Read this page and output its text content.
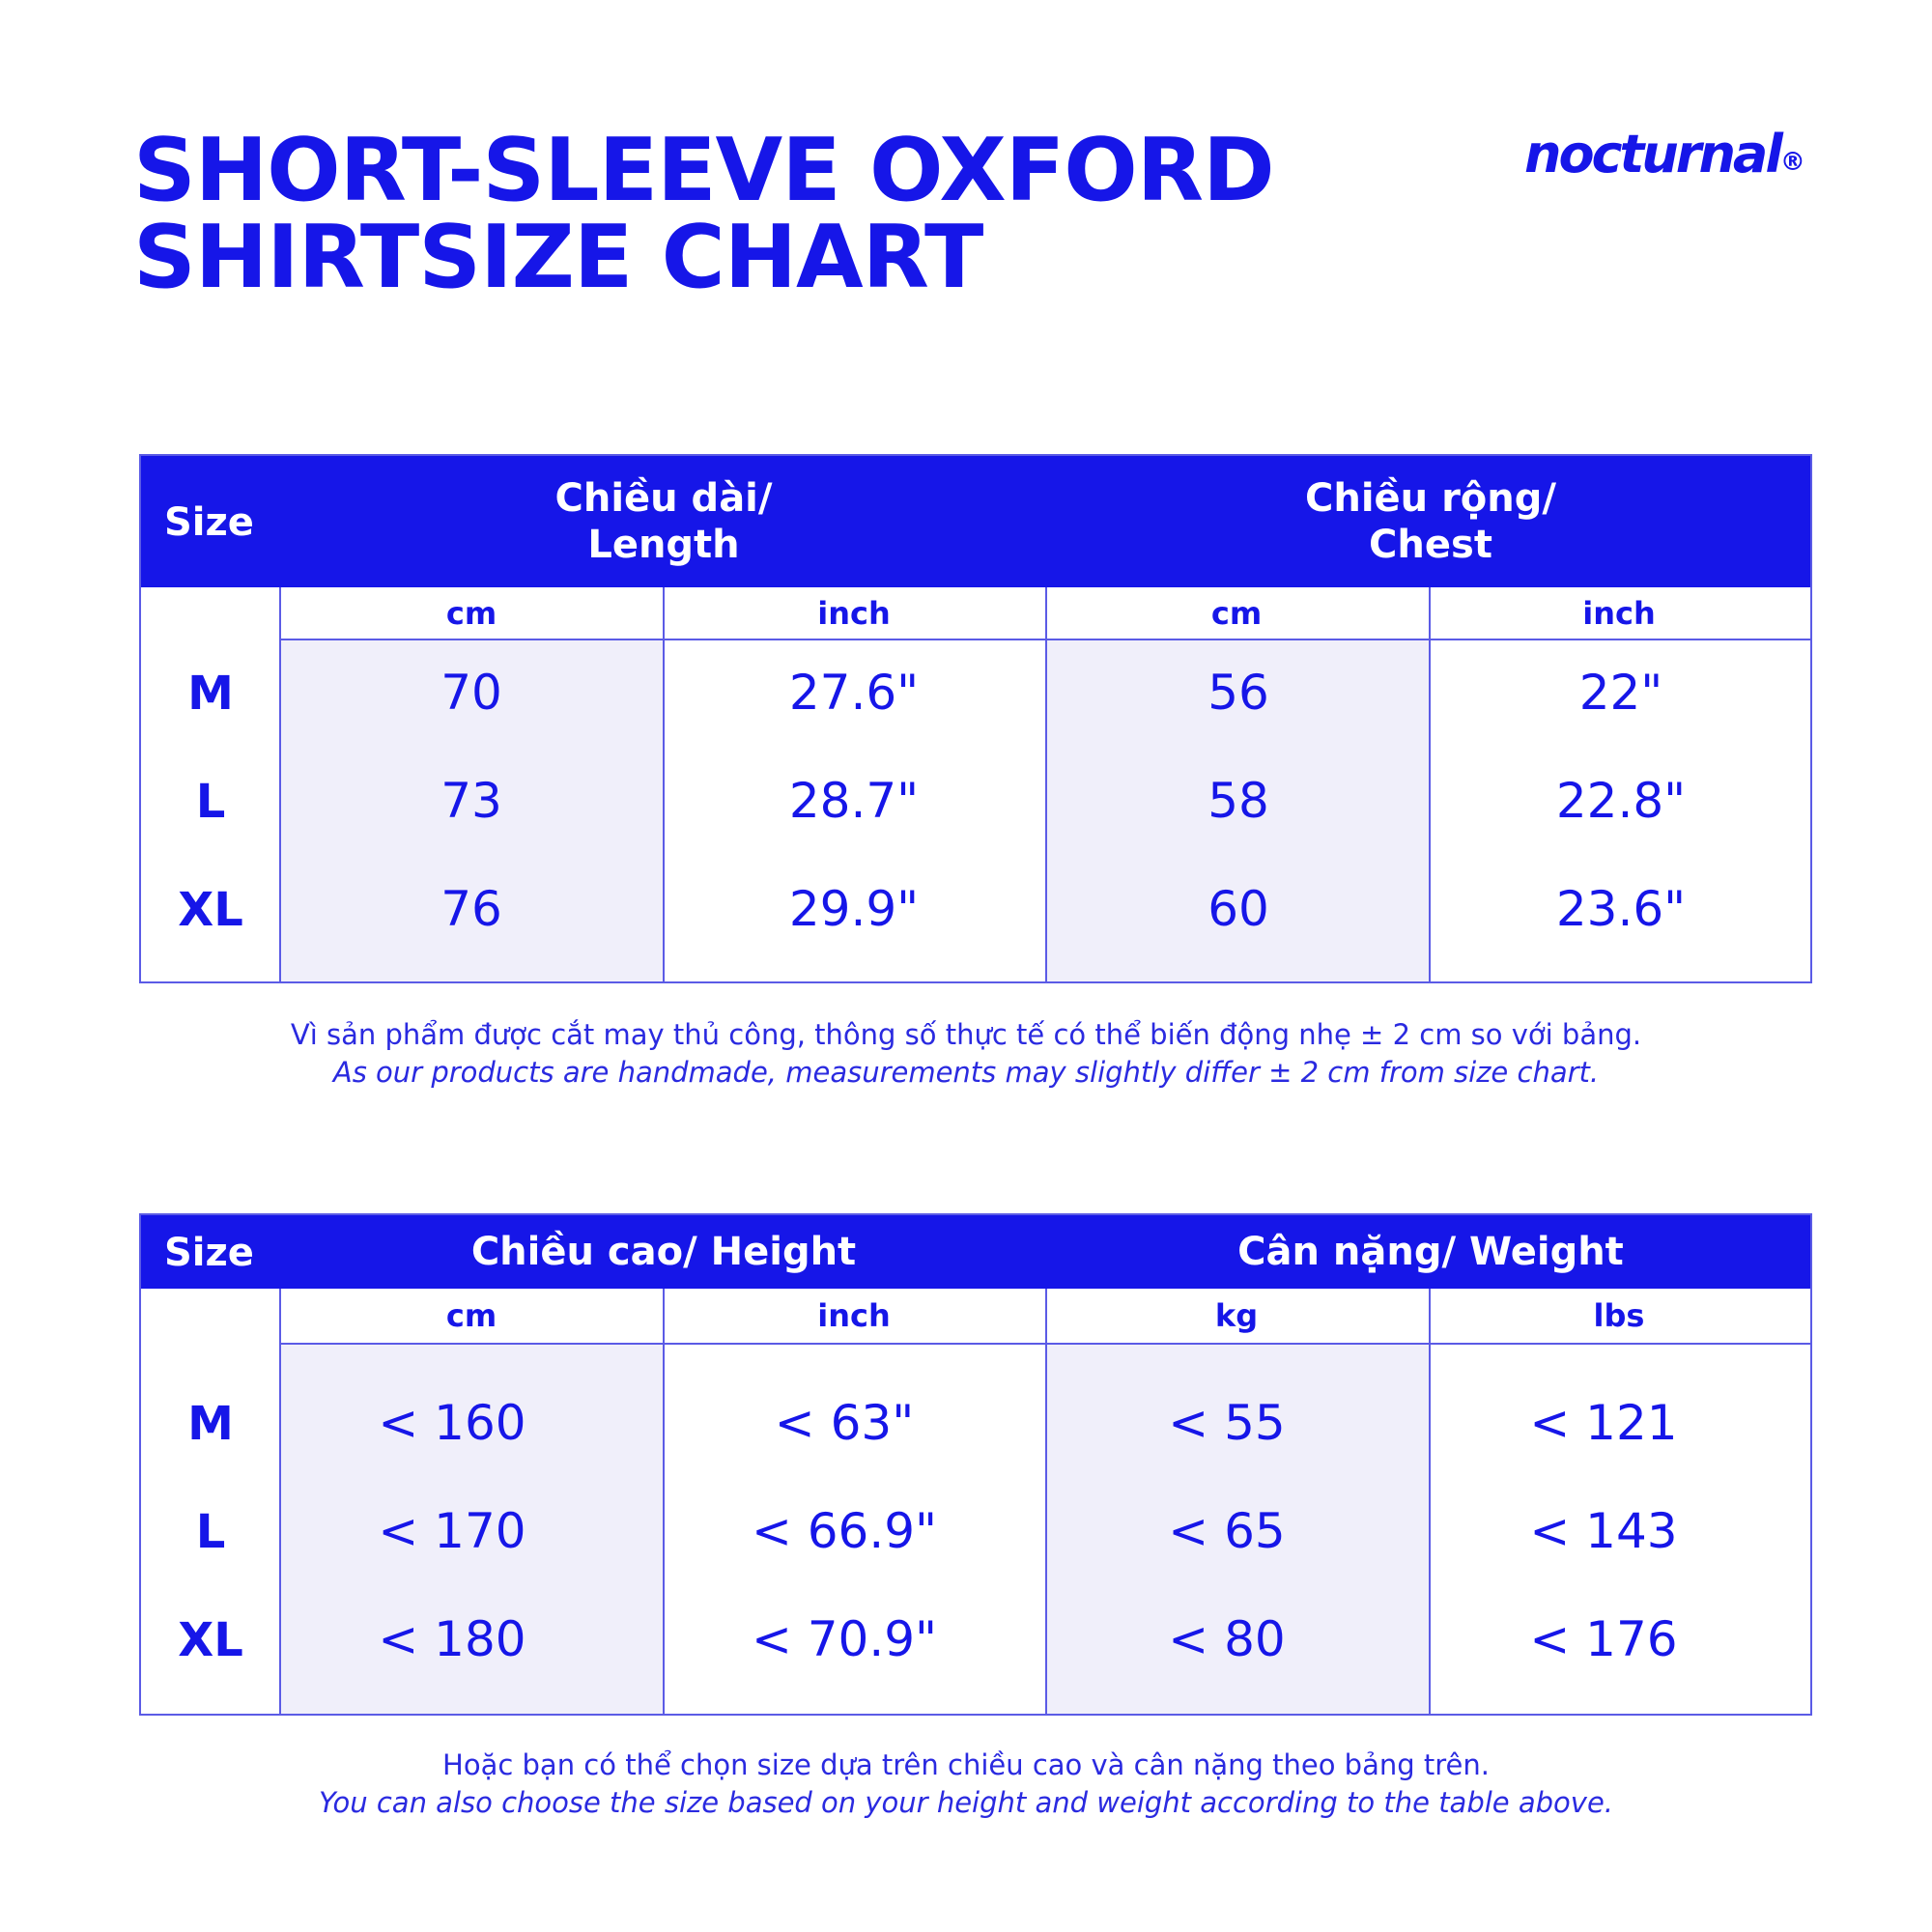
SHORT-SLEEVE OXFORD
SHIRTSIZE CHART
nocturnal®
Size
Chiều dài/
Length
Chiều rộng/
Chest
cm	inch	cm	inch
M	70	27.6"	56	22"
L	73	28.7"	58	22.8"
XL	76	29.9"	60	23.6"
Vì sản phẩm được cắt may thủ công, thông số thực tế có thể biến động nhẹ ± 2 cm so với bảng.
As our products are handmade, measurements may slightly differ ± 2 cm from size chart.
Size	Chiều cao/ Height	Cân nặng/ Weight
cm	inch	kg	lbs
M	< 160	< 63"	< 55	< 121
L	< 170	< 66.9"	< 65	< 143
XL	< 180	< 70.9"	< 80	< 176
Hoặc bạn có thể chọn size dựa trên chiều cao và cân nặng theo bảng trên.
You can also choose the size based on your height and weight according to the table above.
